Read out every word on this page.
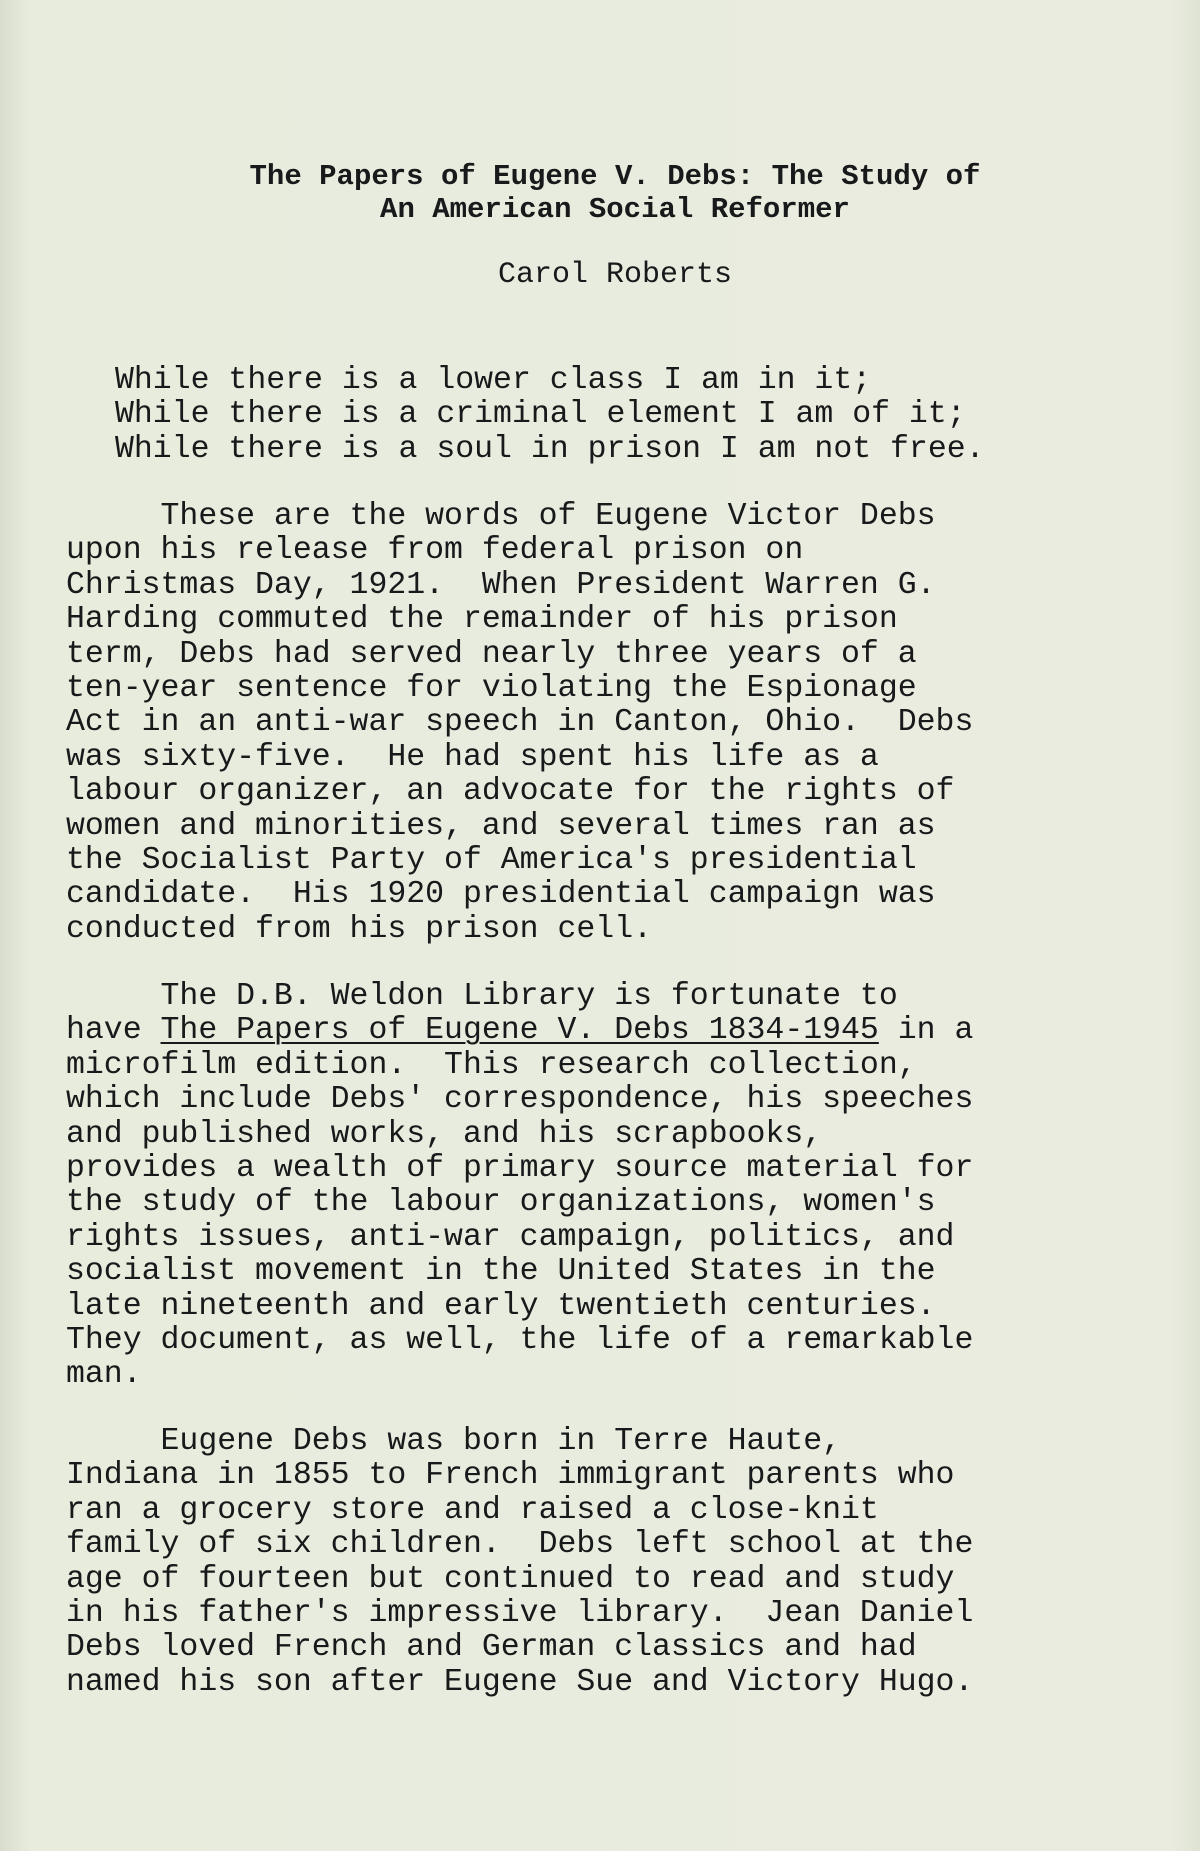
The Papers of Eugene V. Debs: The Study of
An American Social Reformer

Carol Roberts

While there is a lower class I am in it;
While there is a criminal element I am of it;
While there is a soul in prison I am not free.
These are the words of Eugene Victor Debs
upon his release from federal prison on
Christmas Day, 1921.  When President Warren G.
Harding commuted the remainder of his prison
term, Debs had served nearly three years of a
ten-year sentence for violating the Espionage
Act in an anti-war speech in Canton, Ohio.  Debs
was sixty-five.  He had spent his life as a
labour organizer, an advocate for the rights of
women and minorities, and several times ran as
the Socialist Party of America's presidential
candidate.  His 1920 presidential campaign was
conducted from his prison cell.
The D.B. Weldon Library is fortunate to
have The Papers of Eugene V. Debs 1834-1945 in a
microfilm edition.  This research collection,
which include Debs' correspondence, his speeches
and published works, and his scrapbooks,
provides a wealth of primary source material for
the study of the labour organizations, women's
rights issues, anti-war campaign, politics, and
socialist movement in the United States in the
late nineteenth and early twentieth centuries.
They document, as well, the life of a remarkable
man.
Eugene Debs was born in Terre Haute,
Indiana in 1855 to French immigrant parents who
ran a grocery store and raised a close-knit
family of six children.  Debs left school at the
age of fourteen but continued to read and study
in his father's impressive library.  Jean Daniel
Debs loved French and German classics and had
named his son after Eugene Sue and Victory Hugo.
